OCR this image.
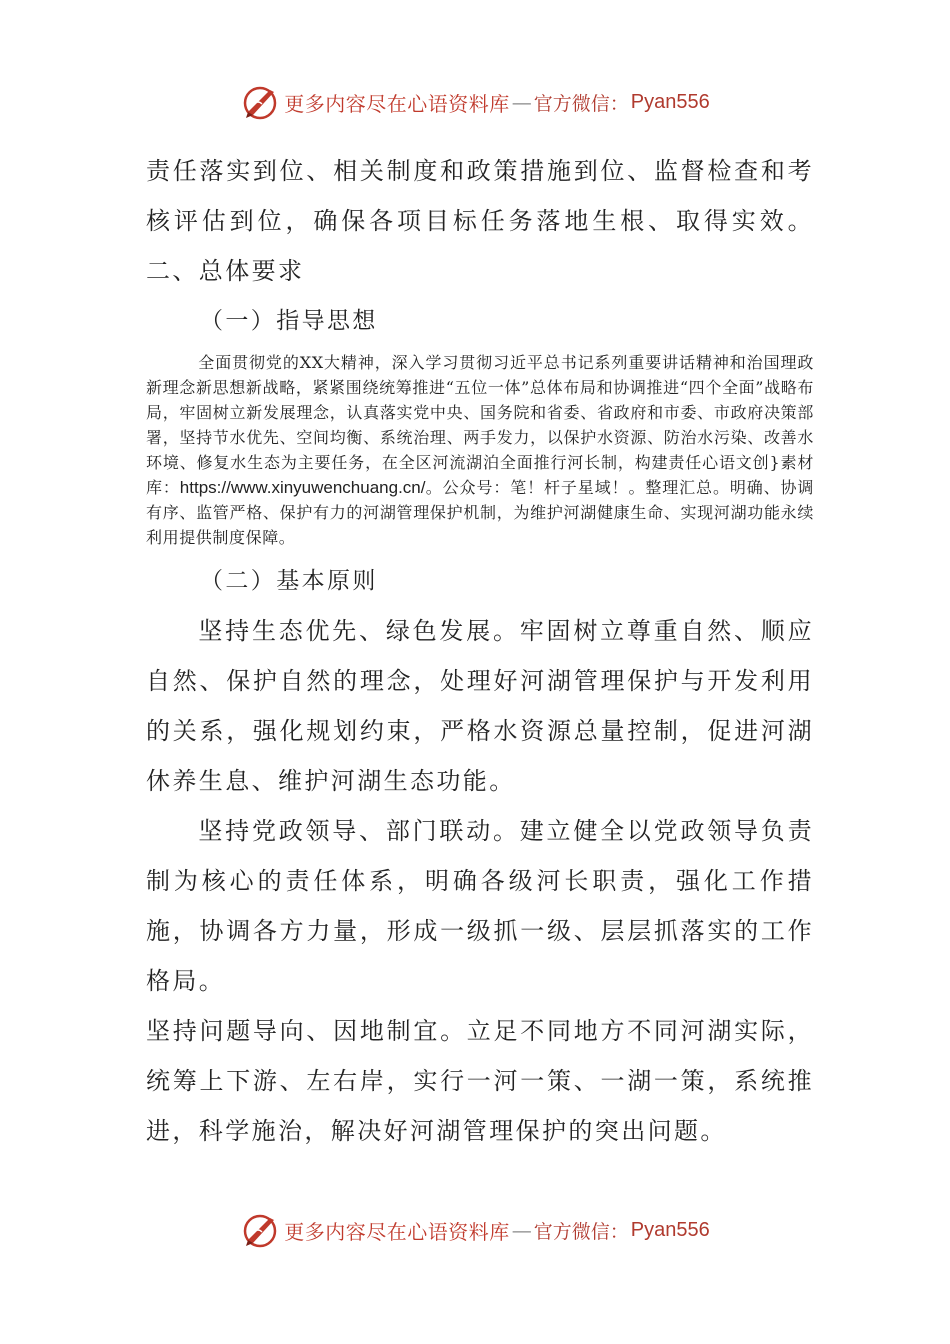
更多内容尽在心语资料库 — 官方微信： Pyan556

责任落实到位、相关制度和政策措施到位、监督检查和考核评估到位，确保各项目标任务落地生根、取得实效。二、总体要求

（一）指导思想

全面贯彻党的XX大精神，深入学习贯彻习近平总书记系列重要讲话精神和治国理政新理念新思想新战略，紧紧围绕统筹推进“五位一体”总体布局和协调推进“四个全面”战略布局，牢固树立新发展理念，认真落实党中央、国务院和省委、省政府和市委、市政府决策部署，坚持节水优先、空间均衡、系统治理、两手发力，以保护水资源、防治水污染、改善水环境、修复水生态为主要任务，在全区河流湖泊全面推行河长制，构建责任心语文创}素材库：https://www.xinyuwenchuang.cn/。公众号：笔！杆子星域！。整理汇总。明确、协调有序、监管严格、保护有力的河湖管理保护机制，为维护河湖健康生命、实现河湖功能永续利用提供制度保障。

（二）基本原则

坚持生态优先、绿色发展。牢固树立尊重自然、顺应自然、保护自然的理念，处理好河湖管理保护与开发利用的关系，强化规划约束，严格水资源总量控制，促进河湖休养生息、维护河湖生态功能。

坚持党政领导、部门联动。建立健全以党政领导负责制为核心的责任体系，明确各级河长职责，强化工作措施，协调各方力量，形成一级抓一级、层层抓落实的工作格局。

坚持问题导向、因地制宜。立足不同地方不同河湖实际，统筹上下游、左右岸，实行一河一策、一湖一策，系统推进，科学施治，解决好河湖管理保护的突出问题。

更多内容尽在心语资料库 — 官方微信： Pyan556
